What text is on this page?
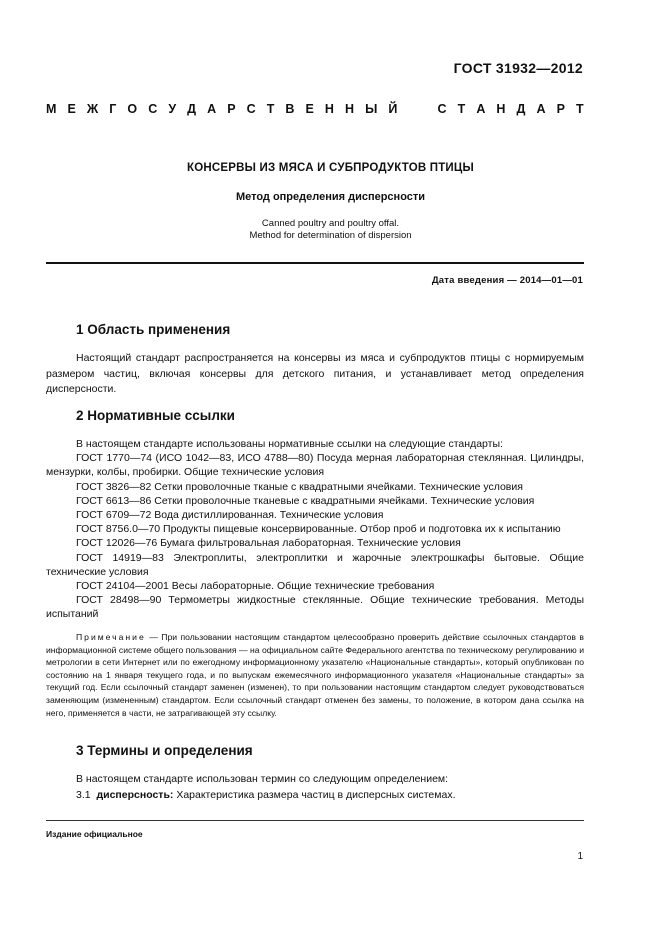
ГОСТ 31932—2012
М Е Ж Г О С У Д А Р С Т В Е Н Н Ы Й	С Т А Н Д А Р Т
КОНСЕРВЫ ИЗ МЯСА И СУБПРОДУКТОВ ПТИЦЫ
Метод определения дисперсности
Canned poultry and poultry offal.
Method for determination of dispersion
Дата введения — 2014—01—01
1 Область применения

Настоящий стандарт распространяется на консервы из мяса и субпродуктов птицы с нормируемым размером частиц, включая консервы для детского питания, и устанавливает метод определения дисперсности.

2 Нормативные ссылки
В настоящем стандарте использованы нормативные ссылки на следующие стандарты:
ГОСТ 1770—74 (ИСО 1042—83, ИСО 4788—80) Посуда мерная лабораторная стеклянная. Цилиндры, мензурки, колбы, пробирки. Общие технические условия
ГОСТ 3826—82 Сетки проволочные тканые с квадратными ячейками. Технические условия
ГОСТ 6613—86 Сетки проволочные тканевые с квадратными ячейками. Технические условия
ГОСТ 6709—72 Вода дистиллированная. Технические условия
ГОСТ 8756.0—70 Продукты пищевые консервированные. Отбор проб и подготовка их к испытанию
ГОСТ 12026—76 Бумага фильтровальная лабораторная. Технические условия
ГОСТ 14919—83 Электроплиты, электроплитки и жарочные электрошкафы бытовые. Общие технические условия
ГОСТ 24104—2001 Весы лабораторные. Общие технические требования
ГОСТ 28498—90 Термометры жидкостные стеклянные. Общие технические требования. Методы испытаний
Примечание — При пользовании настоящим стандартом целесообразно проверить действие ссылочных стандартов в информационной системе общего пользования — на официальном сайте Федерального агентства по техническому регулированию и метрологии в сети Интернет или по ежегодному информационному указателю «Национальные стандарты», который опубликован по состоянию на 1 января текущего года, и по выпускам ежемесячного информационного указателя «Национальные стандарты» за текущий год. Если ссылочный стандарт заменен (изменен), то при пользовании настоящим стандартом следует руководствоваться заменяющим (измененным) стандартом. Если ссылочный стандарт отменен без замены, то положение, в котором дана ссылка на него, применяется в части, не затрагивающей эту ссылку.
3 Термины и определения

В настоящем стандарте использован термин со следующим определением:

3.1 дисперсность: Характеристика размера частиц в дисперсных системах.

Издание официальное
1
